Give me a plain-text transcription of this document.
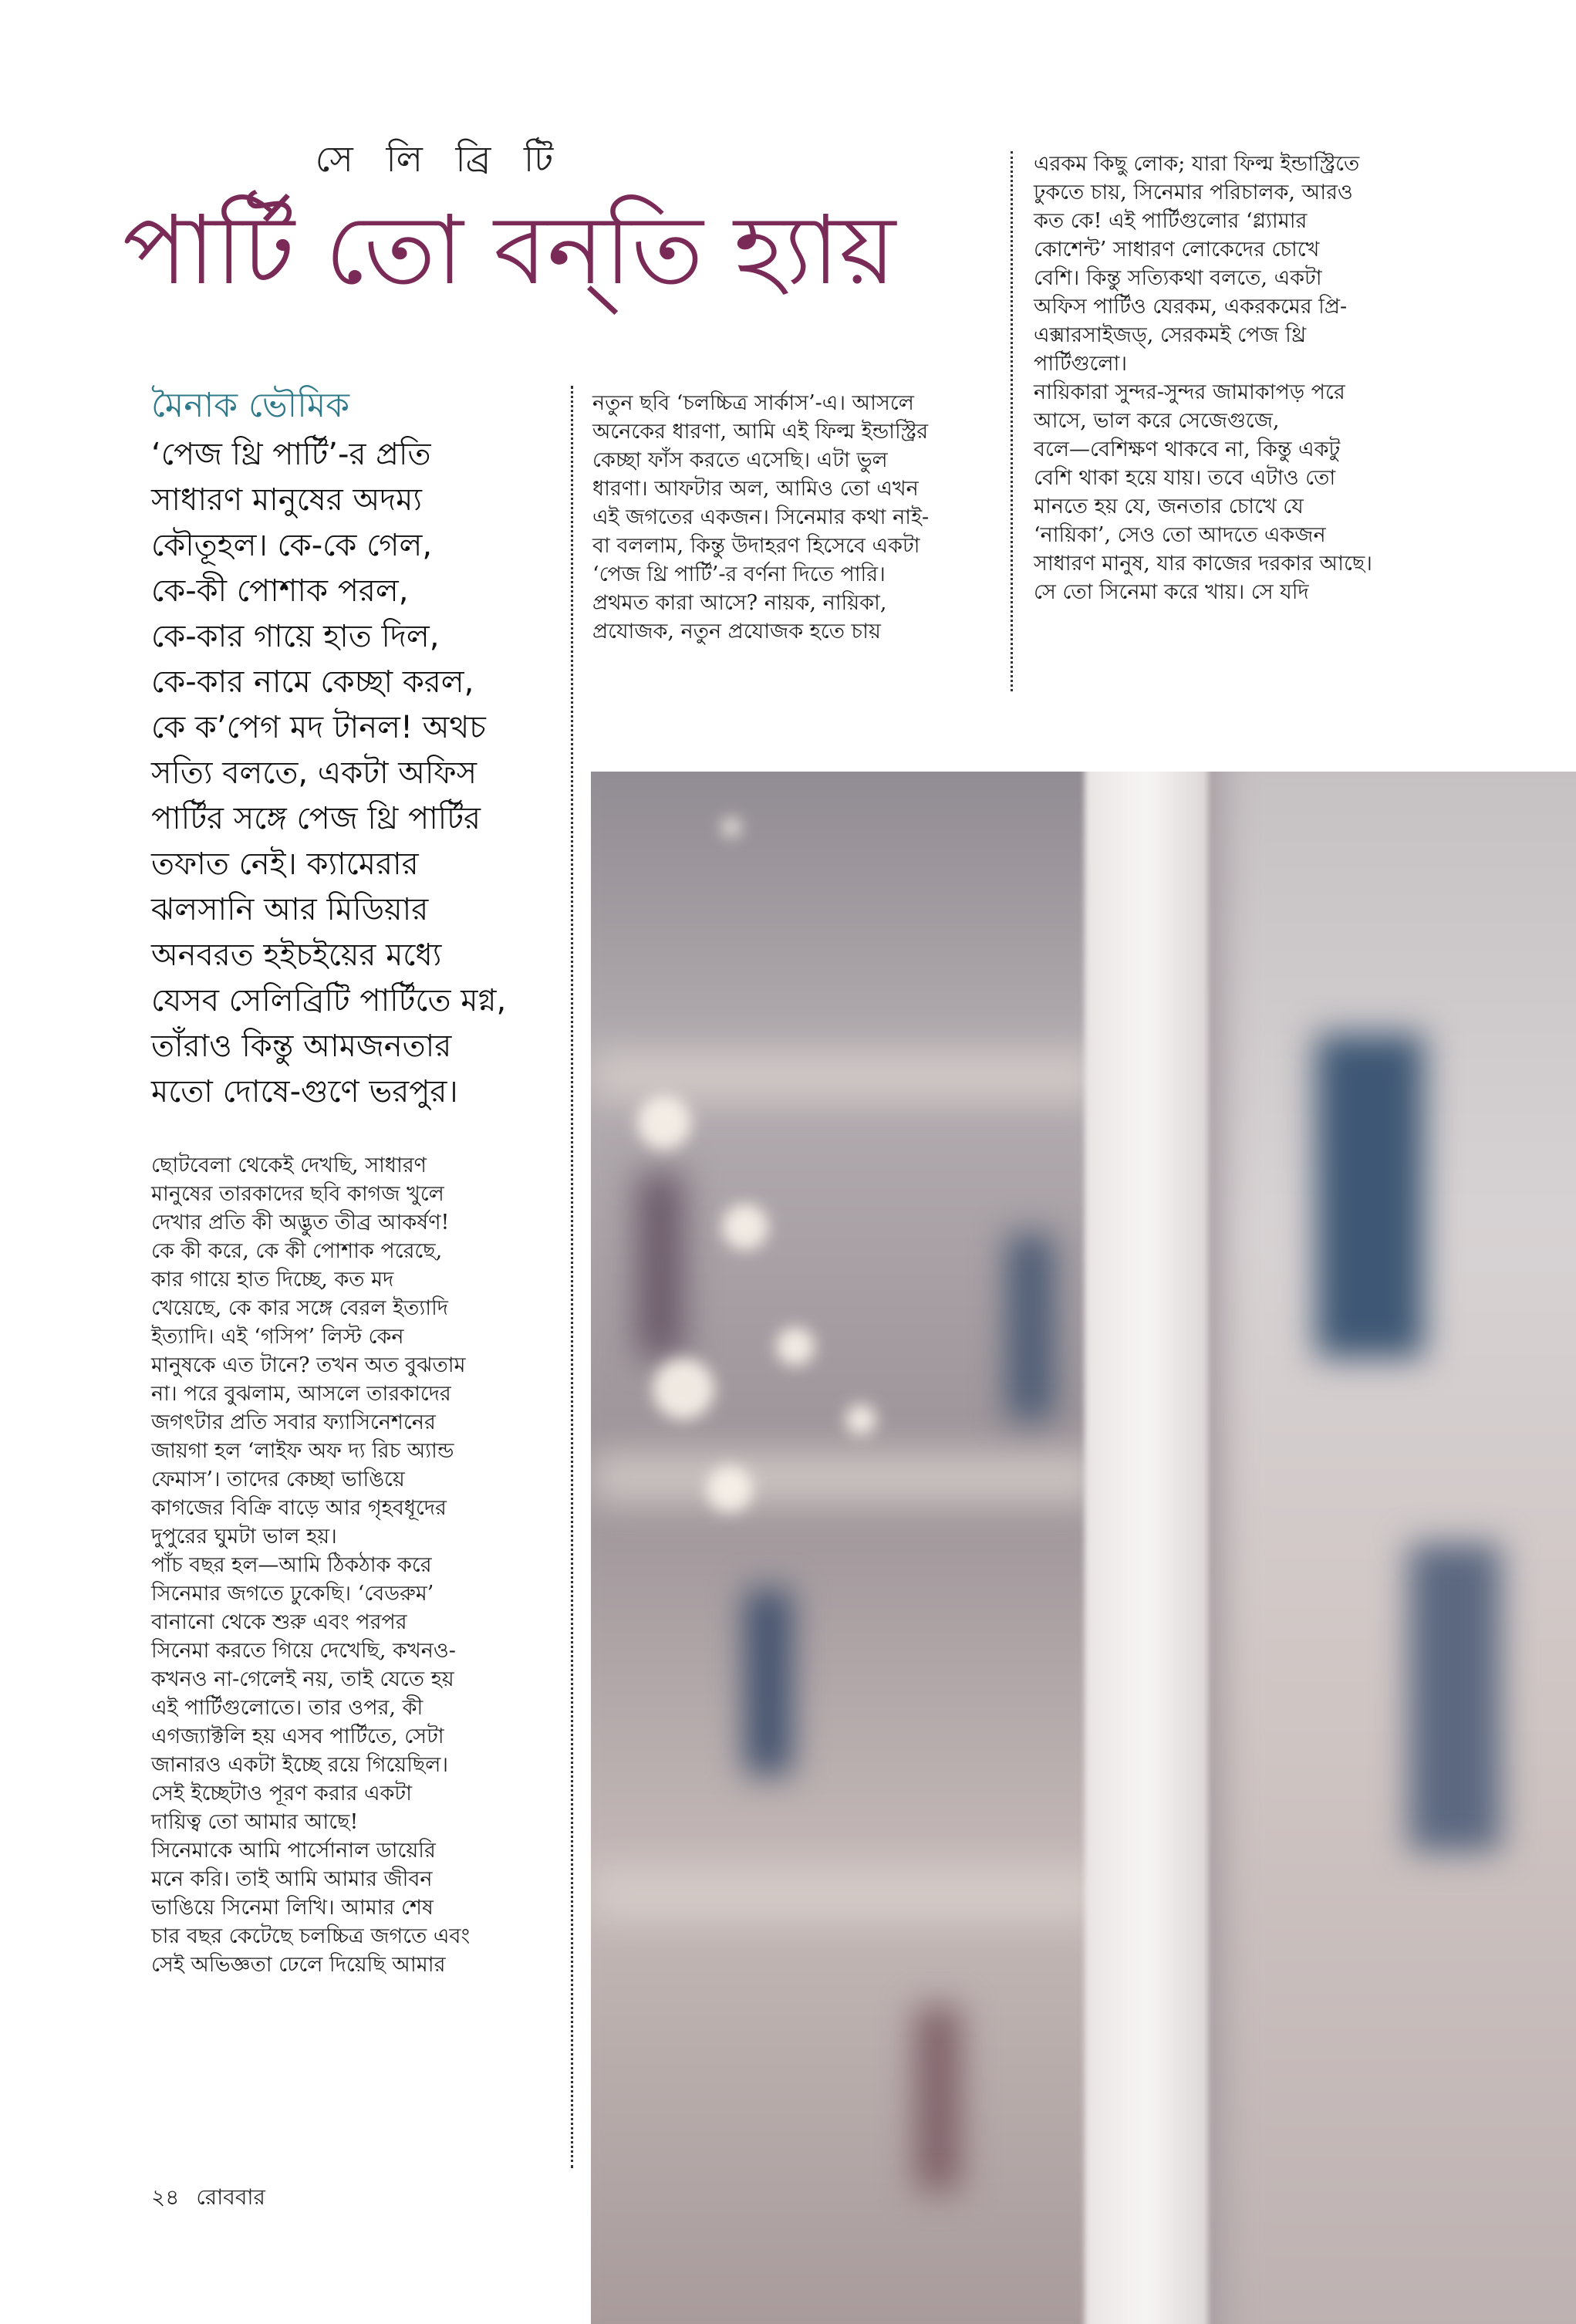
সে লি ব্রি টি
পার্টি তো বন্‌তি হ্যায়
মৈনাক ভৌমিক
‘পেজ থ্রি পার্টি’-র প্রতি
সাধারণ মানুষের অদম্য
কৌতূহল। কে-কে গেল,
কে-কী পোশাক পরল,
কে-কার গায়ে হাত দিল,
কে-কার নামে কেচ্ছা করল,
কে ক’পেগ মদ টানল! অথচ
সত্যি বলতে, একটা অফিস
পার্টির সঙ্গে পেজ থ্রি পার্টির
তফাত নেই। ক্যামেরার
ঝলসানি আর মিডিয়ার
অনবরত হইচইয়ের মধ্যে
যেসব সেলিব্রিটি পার্টিতে মগ্ন,
তাঁরাও কিন্তু আমজনতার
মতো দোষে-গুণে ভরপুর।
ছোটবেলা থেকেই দেখছি, সাধারণ
মানুষের তারকাদের ছবি কাগজ খুলে
দেখার প্রতি কী অদ্ভুত তীব্র আকর্ষণ!
কে কী করে, কে কী পোশাক পরেছে,
কার গায়ে হাত দিচ্ছে, কত মদ
খেয়েছে, কে কার সঙ্গে বেরল ইত্যাদি
ইত্যাদি। এই ‘গসিপ’ লিস্ট কেন
মানুষকে এত টানে? তখন অত বুঝতাম
না। পরে বুঝলাম, আসলে তারকাদের
জগৎটার প্রতি সবার ফ্যাসিনেশনের
জায়গা হল ‘লাইফ অফ দ্য রিচ অ্যান্ড
ফেমাস’। তাদের কেচ্ছা ভাঙিয়ে
কাগজের বিক্রি বাড়ে আর গৃহবধূদের
দুপুরের ঘুমটা ভাল হয়।
পাঁচ বছর হল—আমি ঠিকঠাক করে
সিনেমার জগতে ঢুকেছি। ‘বেডরুম’
বানানো থেকে শুরু এবং পরপর
সিনেমা করতে গিয়ে দেখেছি, কখনও-
কখনও না-গেলেই নয়, তাই যেতে হয়
এই পার্টিগুলোতে। তার ওপর, কী
এগজ্যাক্টলি হয় এসব পার্টিতে, সেটা
জানারও একটা ইচ্ছে রয়ে গিয়েছিল।
সেই ইচ্ছেটাও পূরণ করার একটা
দায়িত্ব তো আমার আছে!
সিনেমাকে আমি পার্সোনাল ডায়েরি
মনে করি। তাই আমি আমার জীবন
ভাঙিয়ে সিনেমা লিখি। আমার শেষ
চার বছর কেটেছে চলচ্চিত্র জগতে এবং
সেই অভিজ্ঞতা ঢেলে দিয়েছি আমার
নতুন ছবি ‘চলচ্চিত্র সার্কাস’-এ। আসলে
অনেকের ধারণা, আমি এই ফিল্ম ইন্ডাস্ট্রির
কেচ্ছা ফাঁস করতে এসেছি। এটা ভুল
ধারণা। আফটার অল, আমিও তো এখন
এই জগতের একজন। সিনেমার কথা নাই-
বা বললাম, কিন্তু উদাহরণ হিসেবে একটা
‘পেজ থ্রি পার্টি’-র বর্ণনা দিতে পারি।
প্রথমত কারা আসে? নায়ক, নায়িকা,
প্রযোজক, নতুন প্রযোজক হতে চায়
এরকম কিছু লোক; যারা ফিল্ম ইন্ডাস্ট্রিতে
ঢুকতে চায়, সিনেমার পরিচালক, আরও
কত কে! এই পার্টিগুলোর ‘গ্ল্যামার
কোশেন্ট’ সাধারণ লোকেদের চোখে
বেশি। কিন্তু সত্যিকথা বলতে, একটা
অফিস পার্টিও যেরকম, একরকমের প্রি-
এক্সারসাইজড্‌, সেরকমই পেজ থ্রি
পার্টিগুলো।
নায়িকারা সুন্দর-সুন্দর জামাকাপড় পরে
আসে, ভাল করে সেজেগুজে,
বলে—বেশিক্ষণ থাকবে না, কিন্তু একটু
বেশি থাকা হয়ে যায়। তবে এটাও তো
মানতে হয় যে, জনতার চোখে যে
‘নায়িকা’, সেও তো আদতে একজন
সাধারণ মানুষ, যার কাজের দরকার আছে।
সে তো সিনেমা করে খায়। সে যদি
২৪ রোববার
